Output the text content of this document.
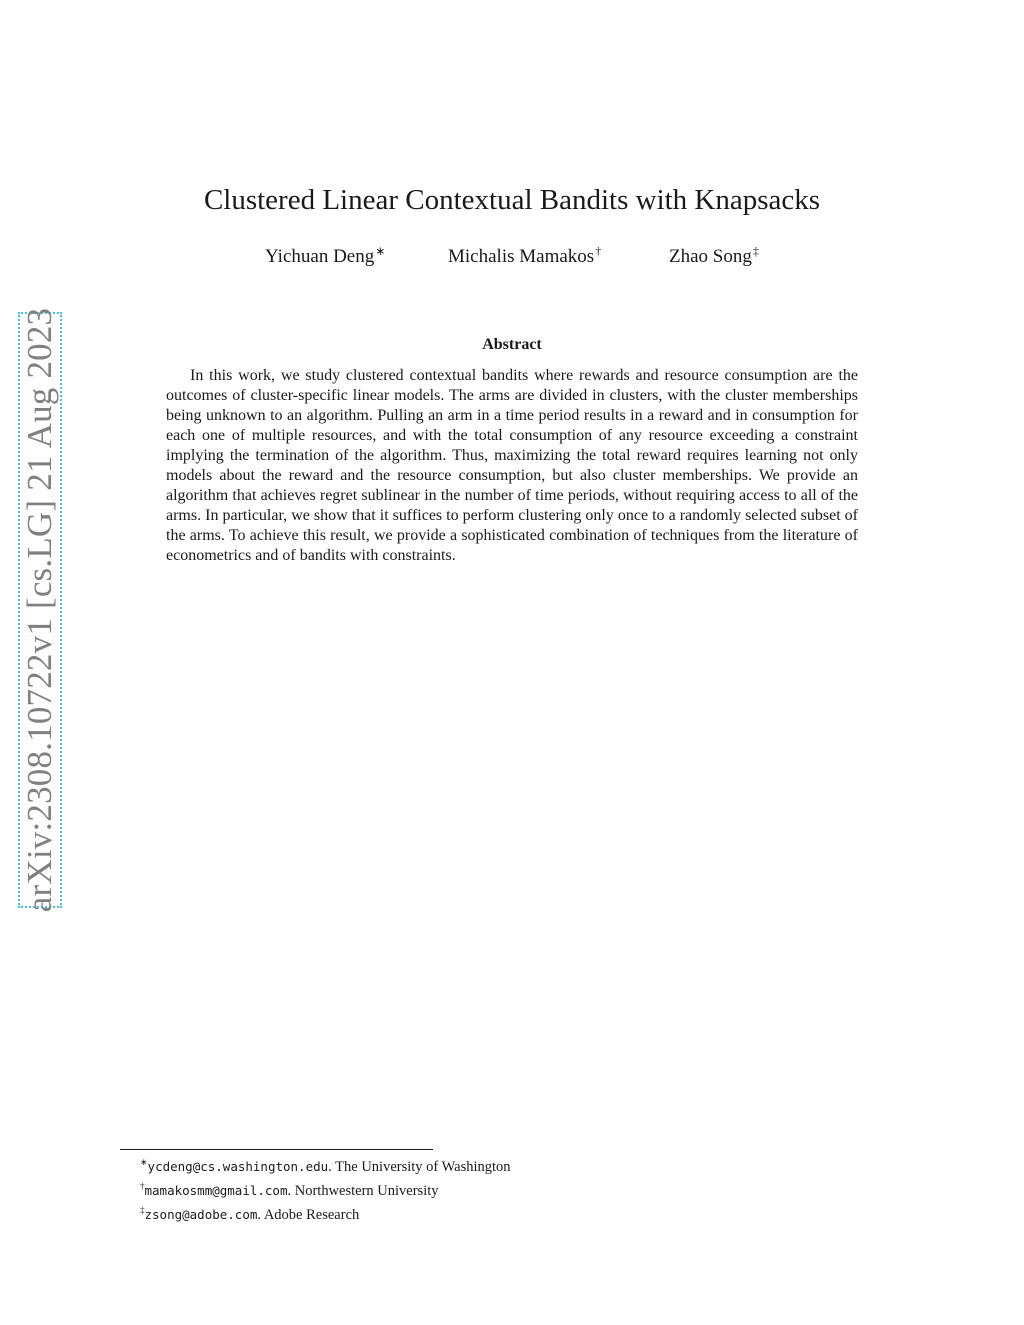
arXiv:2308.10722v1 [cs.LG] 21 Aug 2023
Clustered Linear Contextual Bandits with Knapsacks
Yichuan Deng∗	Michalis Mamakos†	Zhao Song‡
Abstract

In this work, we study clustered contextual bandits where rewards and resource consumption are the outcomes of cluster-specific linear models. The arms are divided in clusters, with the cluster memberships being unknown to an algorithm. Pulling an arm in a time period results in a reward and in consumption for each one of multiple resources, and with the total consumption of any resource exceeding a constraint implying the termination of the algorithm. Thus, maximizing the total reward requires learning not only models about the reward and the resource consumption, but also cluster memberships. We provide an algorithm that achieves regret sublinear in the number of time periods, without requiring access to all of the arms. In particular, we show that it suffices to perform clustering only once to a randomly selected subset of the arms. To achieve this result, we provide a sophisticated combination of techniques from the literature of econometrics and of bandits with constraints.

∗ycdeng@cs.washington.edu. The University of Washington
†mamakosmm@gmail.com. Northwestern University
‡zsong@adobe.com. Adobe Research
